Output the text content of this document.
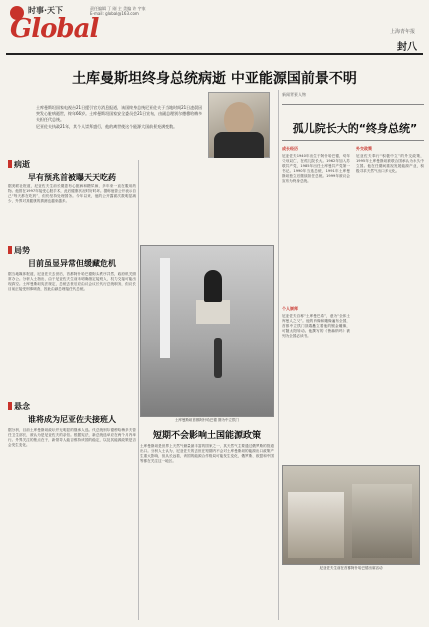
时事·天下
Global
责任编辑 丁 刚 主 美编 许 宇家
E-mail: global@163.com
上海青年报
封八
土库曼斯坦终身总统病逝 中亚能源国前景不明

土库曼斯坦国家电视台21日援引官方消息报道，该国终身总统尼亚佐夫于当地时间21日凌晨因突发心脏病逝世，终年66岁。土库曼斯坦国家安全委员会21日宣布，由副总理别尔德穆哈梅多夫担任代总统。

尼亚佐夫执政21年，其个人崇拜盛行，他的离世使这个能源大国前景充满变数。

病逝
早有预兆首被曝天天吃药
据美联社报道，尼亚佐夫生前长期患有心脏病和糖尿病，多年来一直在服用药物。他曾在1997年接受心脏手术，此后健康状况时好时坏。据称他曾公开表示自己“每天都在吃药”，但仍坚持处理国务。今年以来，他的公开露面次数明显减少，外界对其健康的猜测也越来越多。
局势
目前虽显异常但缓藏危机
据当地媒体报道，尼亚佐夫去世后，首都阿什哈巴德街头秩序井然，政府机关照常办公。分析人士指出，由于尼亚佐夫生前未明确指定接班人，权力交接可能出现真空。土库曼斯坦宪法规定，总统去世后应由议会议长代行总统职务，但议长目前正接受刑事调查，因此由副总理接任代总统。
悬念
谁将成为尼亚佐夫接班人
据分析，目前土库曼斯坦政坛并无明显的继承人选。代总统别尔德穆哈梅多夫曾任卫生部长，被认为是尼亚佐夫的亲信。根据宪法，新总统选举应在两个月内举行。外界关注的焦点在于，新领导人能否维持该国的稳定，以及其能源政策是否会发生变化。
土库曼斯坦首都阿什哈巴德 图为中立拱门
短期不会影响土国能源政策
土库曼斯坦是世界上天然气储量最丰富的国家之一，其天然气主要通过俄罗斯的管道出口。分析人士认为，尼亚佐夫的去世在短期内不会对土库曼斯坦的能源出口政策产生重大影响，但从长远看，该国的能源合作格局可能发生变化，俄罗斯、欧盟和中国等都在关注这一地区。
新闻背景人物
孤儿院长大的“终身总统”
成长经历
尼亚佐夫1940年出生于阿什哈巴德，幼年父母双亡，在孤儿院长大。1962年加入苏联共产党，1985年出任土库曼共产党第一书记。1990年当选总统，1991年土库曼斯坦独立后继续担任总统。1999年被议会宣布为终身总统。
个人崇拜
尼亚佐夫自称“土库曼巴希”，意为“全体土库曼人之父”。他的肖像和雕像遍布全国，首都中立拱门顶端矗立着他的镀金雕像，可随太阳转动。他撰写的《鲁赫纳玛》被列为全国必读书。
外交政策
尼亚佐夫奉行“积极中立”的外交政策，1995年土库曼斯坦被联合国承认为永久中立国。他在任期间重视发展能源产业，积极寻求天然气出口多元化。
尼亚佐夫生前在首都阿什哈巴德出席活动
